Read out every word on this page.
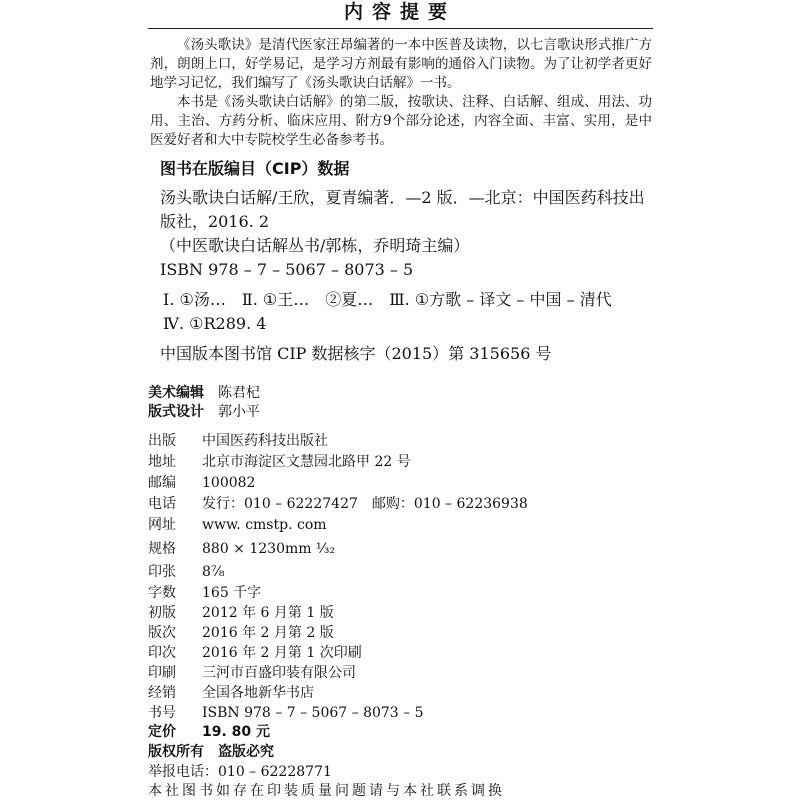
内容提要
《汤头歌诀》是清代医家汪昂编著的一本中医普及读物，以七言歌诀形式推广方剂，朗朗上口，好学易记，是学习方剂最有影响的通俗入门读物。为了让初学者更好地学习记忆，我们编写了《汤头歌诀白话解》一书。
本书是《汤头歌诀白话解》的第二版，按歌诀、注释、白话解、组成、用法、功用、主治、方药分析、临床应用、附方9个部分论述，内容全面、丰富、实用，是中医爱好者和大中专院校学生必备参考书。
图书在版编目（CIP）数据
汤头歌诀白话解/王欣，夏青编著．—2 版．—北京：中国医药科技出版社，2016. 2
（中医歌诀白话解丛书/郭栋，乔明琦主编）
ISBN 978 – 7 – 5067 – 8073 – 5
Ⅰ. ①汤…　Ⅱ. ①王…　②夏…　Ⅲ. ①方歌 – 译文 – 中国 – 清代
Ⅳ. ①R289. 4
中国版本图书馆 CIP 数据核字（2015）第 315656 号
美术编辑 陈君杞
版式设计 郭小平
出版 中国医药科技出版社
地址 北京市海淀区文慧园北路甲 22 号
邮编 100082
电话 发行：010 – 62227427　邮购：010 – 62236938
网址 www. cmstp. com
规格 880 × 1230mm ¹⁄₃₂
印张 8⁷⁄₈
字数 165 千字
初版 2012 年 6 月第 1 版
版次 2016 年 2 月第 2 版
印次 2016 年 2 月第 1 次印刷
印刷 三河市百盛印装有限公司
经销 全国各地新华书店
书号 ISBN 978 – 7 – 5067 – 8073 – 5
定价 19. 80 元
版权所有　盗版必究
举报电话：010 – 62228771
本社图书如存在印装质量问题请与本社联系调换
